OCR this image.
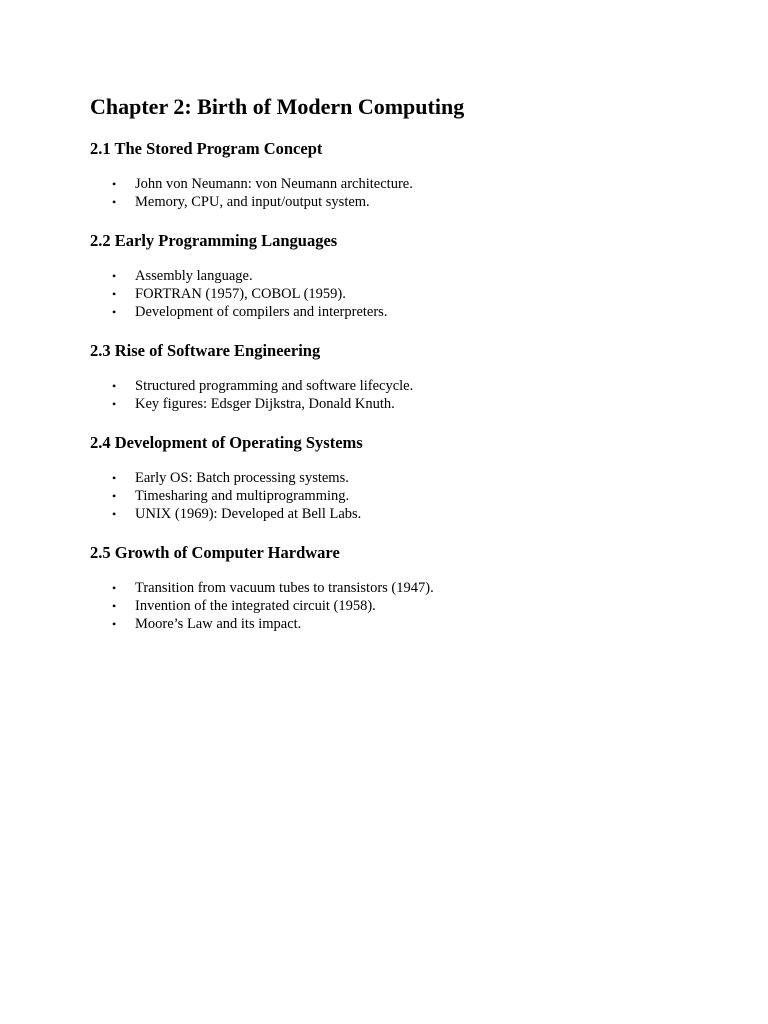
Chapter 2: Birth of Modern Computing
2.1 The Stored Program Concept
• John von Neumann: von Neumann architecture.
• Memory, CPU, and input/output system.
2.2 Early Programming Languages
• Assembly language.
• FORTRAN (1957), COBOL (1959).
• Development of compilers and interpreters.
2.3 Rise of Software Engineering
• Structured programming and software lifecycle.
• Key figures: Edsger Dijkstra, Donald Knuth.
2.4 Development of Operating Systems
• Early OS: Batch processing systems.
• Timesharing and multiprogramming.
• UNIX (1969): Developed at Bell Labs.
2.5 Growth of Computer Hardware
• Transition from vacuum tubes to transistors (1947).
• Invention of the integrated circuit (1958).
• Moore’s Law and its impact.
